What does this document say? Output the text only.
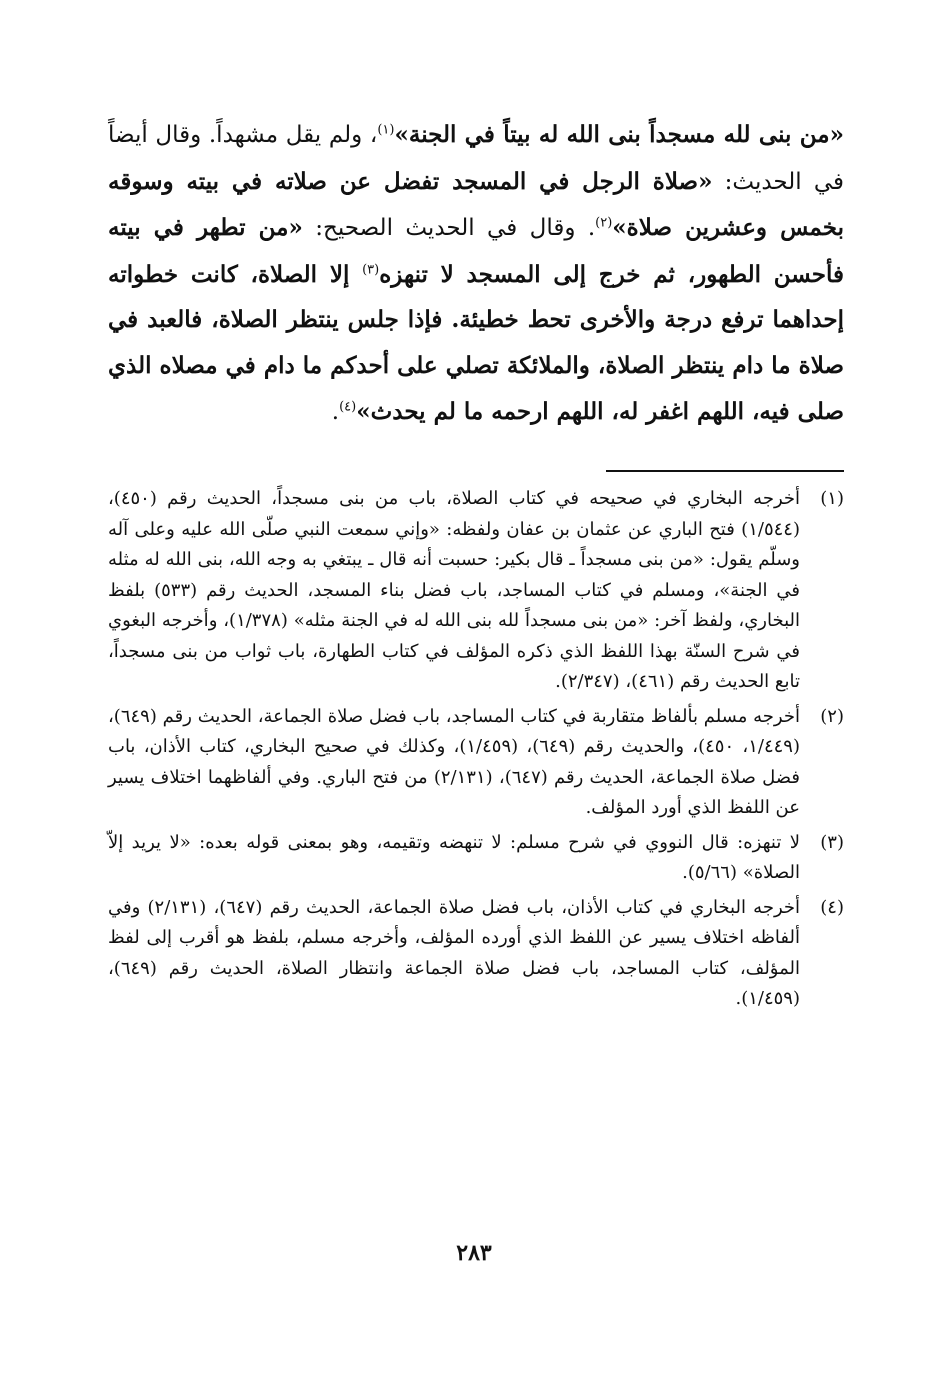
«من بنى لله مسجداً بنى الله له بيتاً في الجنة»$^{(١)}$، ولم يقل مشهداً. وقال أيضاً في الحديث: «صلاة الرجل في المسجد تفضل عن صلاته في بيته وسوقه بخمس وعشرين صلاة»$^{(٢)}$. وقال في الحديث الصحيح: «من تطهر في بيته فأحسن الطهور، ثم خرج إلى المسجد لا تنهزه$^{(٣)}$ إلا الصلاة، كانت خطواته إحداهما ترفع درجة والأخرى تحط خطيئة. فإذا جلس ينتظر الصلاة، فالعبد في صلاة ما دام ينتظر الصلاة، والملائكة تصلي على أحدكم ما دام في مصلاه الذي صلى فيه، اللهم اغفر له، اللهم ارحمه ما لم يحدث»$^{(٤)}$.

(١)

أخرجه البخاري في صحيحه في كتاب الصلاة، باب من بنى مسجداً، الحديث رقم (٤٥٠)، (١/٥٤٤) فتح الباري عن عثمان بن عفان ولفظه: «وإني سمعت النبي صلّى الله عليه وعلى آله وسلّم يقول: «من بنى مسجداً ـ قال بكير: حسبت أنه قال ـ يبتغي به وجه الله، بنى الله له مثله في الجنة»، ومسلم في كتاب المساجد، باب فضل بناء المسجد، الحديث رقم (٥٣٣) بلفظ البخاري، ولفظ آخر: «من بنى مسجداً لله بنى الله له في الجنة مثله» (١/٣٧٨)، وأخرجه البغوي في شرح السنّة بهذا اللفظ الذي ذكره المؤلف في كتاب الطهارة، باب ثواب من بنى مسجداً، تابع الحديث رقم (٤٦١)، (٢/٣٤٧).

(٢)

أخرجه مسلم بألفاظ متقاربة في كتاب المساجد، باب فضل صلاة الجماعة، الحديث رقم (٦٤٩)، (١/٤٤٩، ٤٥٠)، والحديث رقم (٦٤٩)، (١/٤٥٩)، وكذلك في صحيح البخاري، كتاب الأذان، باب فضل صلاة الجماعة، الحديث رقم (٦٤٧)، (٢/١٣١) من فتح الباري. وفي ألفاظهما اختلاف يسير عن اللفظ الذي أورد المؤلف.

(٣)

لا تنهزه: قال النووي في شرح مسلم: لا تنهضه وتقيمه، وهو بمعنى قوله بعده: «لا يريد إلاّ الصلاة» (٥/٦٦).

(٤)

أخرجه البخاري في كتاب الأذان، باب فضل صلاة الجماعة، الحديث رقم (٦٤٧)، (٢/١٣١) وفي ألفاظه اختلاف يسير عن اللفظ الذي أورده المؤلف، وأخرجه مسلم، بلفظ هو أقرب إلى لفظ المؤلف، كتاب المساجد، باب فضل صلاة الجماعة وانتظار الصلاة، الحديث رقم (٦٤٩)، (١/٤٥٩).

٢٨٣
